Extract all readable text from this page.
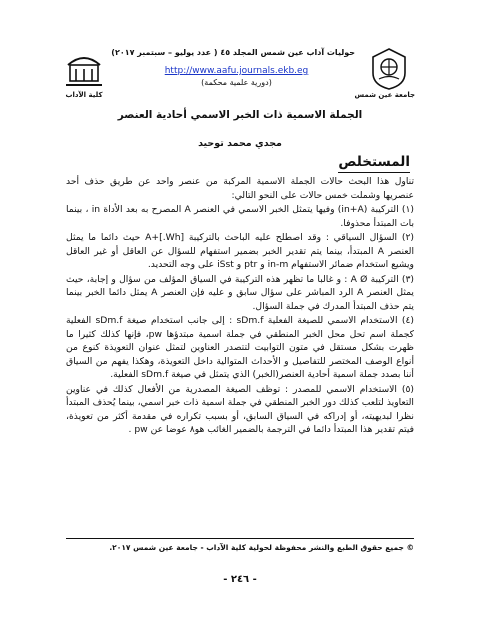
جامعة عين شمس
حوليات آداب عين شمس المجلد ٤٥ ( عدد يوليو – سبتمبر ٢٠١٧)
http://www.aafu.journals.ekb.eg
(دورية علمية محكمة)
كلية الآداب
الجملة الاسمية ذات الخبر الاسمي أحادية العنصر
مجدي محمد توحيد
المستخلص

تناول هذا البحث حالات الجملة الاسمية المركبة من عنصر واحد عن طريق حذف أحد عنصريها وشملت خمس حالات على النحو التالي:

(١) التركيبة (in+A) وفيها يتمثل الخبر الاسمي في العنصر A المصرح به بعد الأداة in ، بينما بات المبتدأ محذوفا.

(٢) السؤال السياقي : وقد اصطلح عليه الباحث بالتركيبة [Wh.]+A حيث دائما ما يمثل العنصر A المبتدأ، بينما يتم تقدير الخبر بضمير استفهام للسؤال عن العاقل أو غير العاقل ويشيع استخدام ضمائر الاستفهام in-m و ptr و iSst على وجه التحديد.

(٣) التركيبة A Ø : و غالبا ما تظهر هذه التركيبة في السياق المؤلف من سؤال و إجابة، حيث يمثل العنصر A الرد المباشر على سؤال سابق و عليه فإن العنصر A يمثل دائما الخبر بينما يتم حذف المبتدأ المدرك في جملة السؤال.

(٤) الاستخدام الاسمي للصيغة الفعلية sDm.f : إلى جانب استخدام صيغة sDm.f الفعلية كجملة اسم تحل محل الخبر المنطقي في جملة اسمية مبتدؤها pw، فإنها كذلك كثيرا ما ظهرت بشكل مستقل في متون التوابيت لتتصدر العناوين لتمثل عنوان التعويذة كنوع من أنواع الوصف المختصر للتفاصيل و الأحداث المتوالية داخل التعويذة، وهكذا يفهم من السياق أننا بصدد جملة اسمية أحادية العنصر(الخبر) الذي يتمثل في صيغة sDm.f الفعلية.

(٥) الاستخدام الاسمي للمصدر : توظف الصيغة المصدرية من الأفعال كذلك في عناوين التعاويذ لتلعب كذلك دور الخبر المنطقي في جملة اسمية ذات خبر اسمي، بينما يُحذف المبتدأ نظرا لبديهيته، أو إدراكه في السياق السابق، أو بسبب تكراره في مقدمة أكثر من تعويذة، فيتم تقدير هذا المبتدأ دائما في الترجمة بالضمير الغائب هو٨ عوضا عن pw .

© جميع حقوق الطبع والنشر محفوظة لحولية كلية الآداب - جامعة عين شمس ٢٠١٧.
- ٢٤٦ -
